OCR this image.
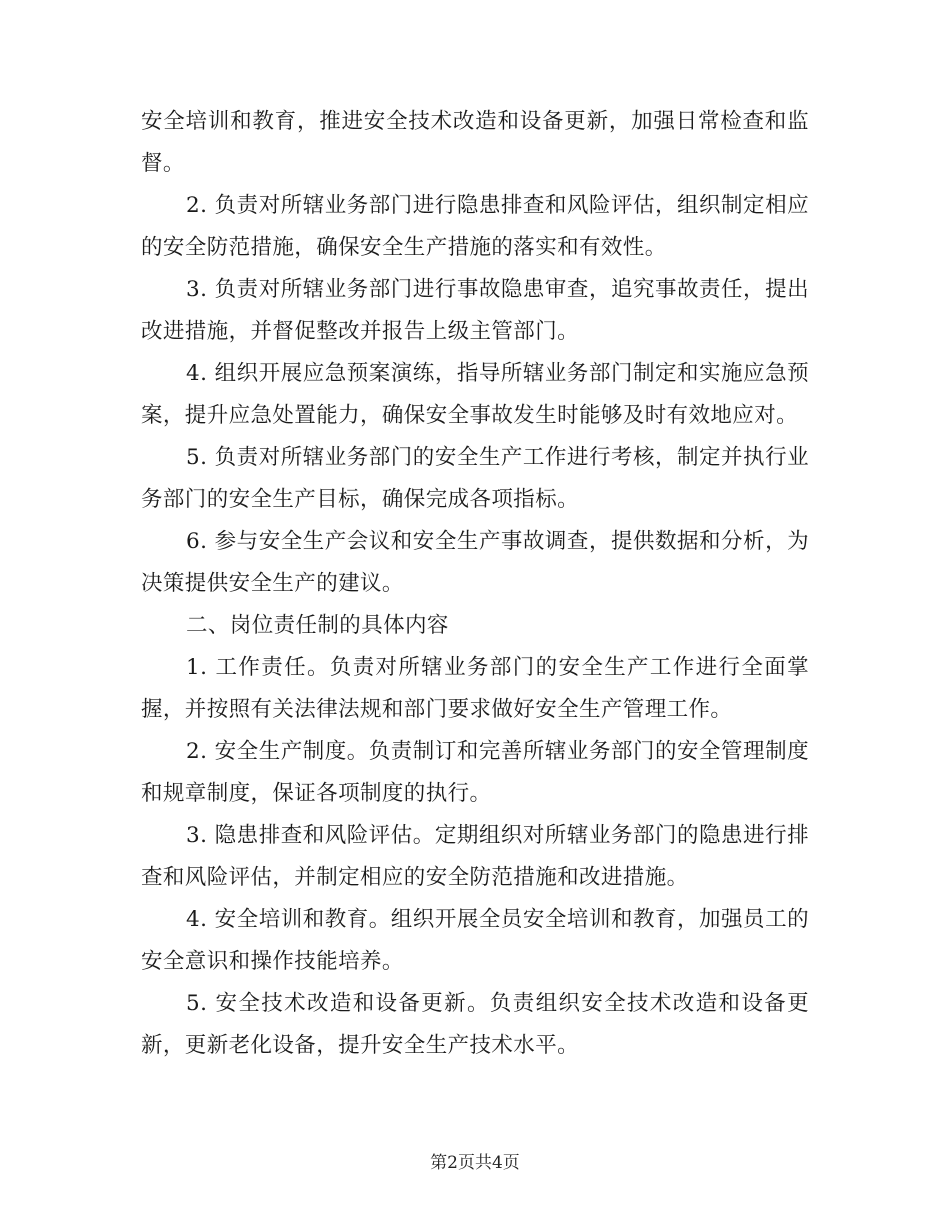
安全培训和教育，推进安全技术改造和设备更新，加强日常检查和监督。

2. 负责对所辖业务部门进行隐患排查和风险评估，组织制定相应的安全防范措施，确保安全生产措施的落实和有效性。

3. 负责对所辖业务部门进行事故隐患审查，追究事故责任，提出改进措施，并督促整改并报告上级主管部门。

4. 组织开展应急预案演练，指导所辖业务部门制定和实施应急预案，提升应急处置能力，确保安全事故发生时能够及时有效地应对。

5. 负责对所辖业务部门的安全生产工作进行考核，制定并执行业务部门的安全生产目标，确保完成各项指标。

6. 参与安全生产会议和安全生产事故调查，提供数据和分析，为决策提供安全生产的建议。

二、岗位责任制的具体内容

1. 工作责任。负责对所辖业务部门的安全生产工作进行全面掌握，并按照有关法律法规和部门要求做好安全生产管理工作。

2. 安全生产制度。负责制订和完善所辖业务部门的安全管理制度和规章制度，保证各项制度的执行。

3. 隐患排查和风险评估。定期组织对所辖业务部门的隐患进行排查和风险评估，并制定相应的安全防范措施和改进措施。

4. 安全培训和教育。组织开展全员安全培训和教育，加强员工的安全意识和操作技能培养。

5. 安全技术改造和设备更新。负责组织安全技术改造和设备更新，更新老化设备，提升安全生产技术水平。

第2页共4页
